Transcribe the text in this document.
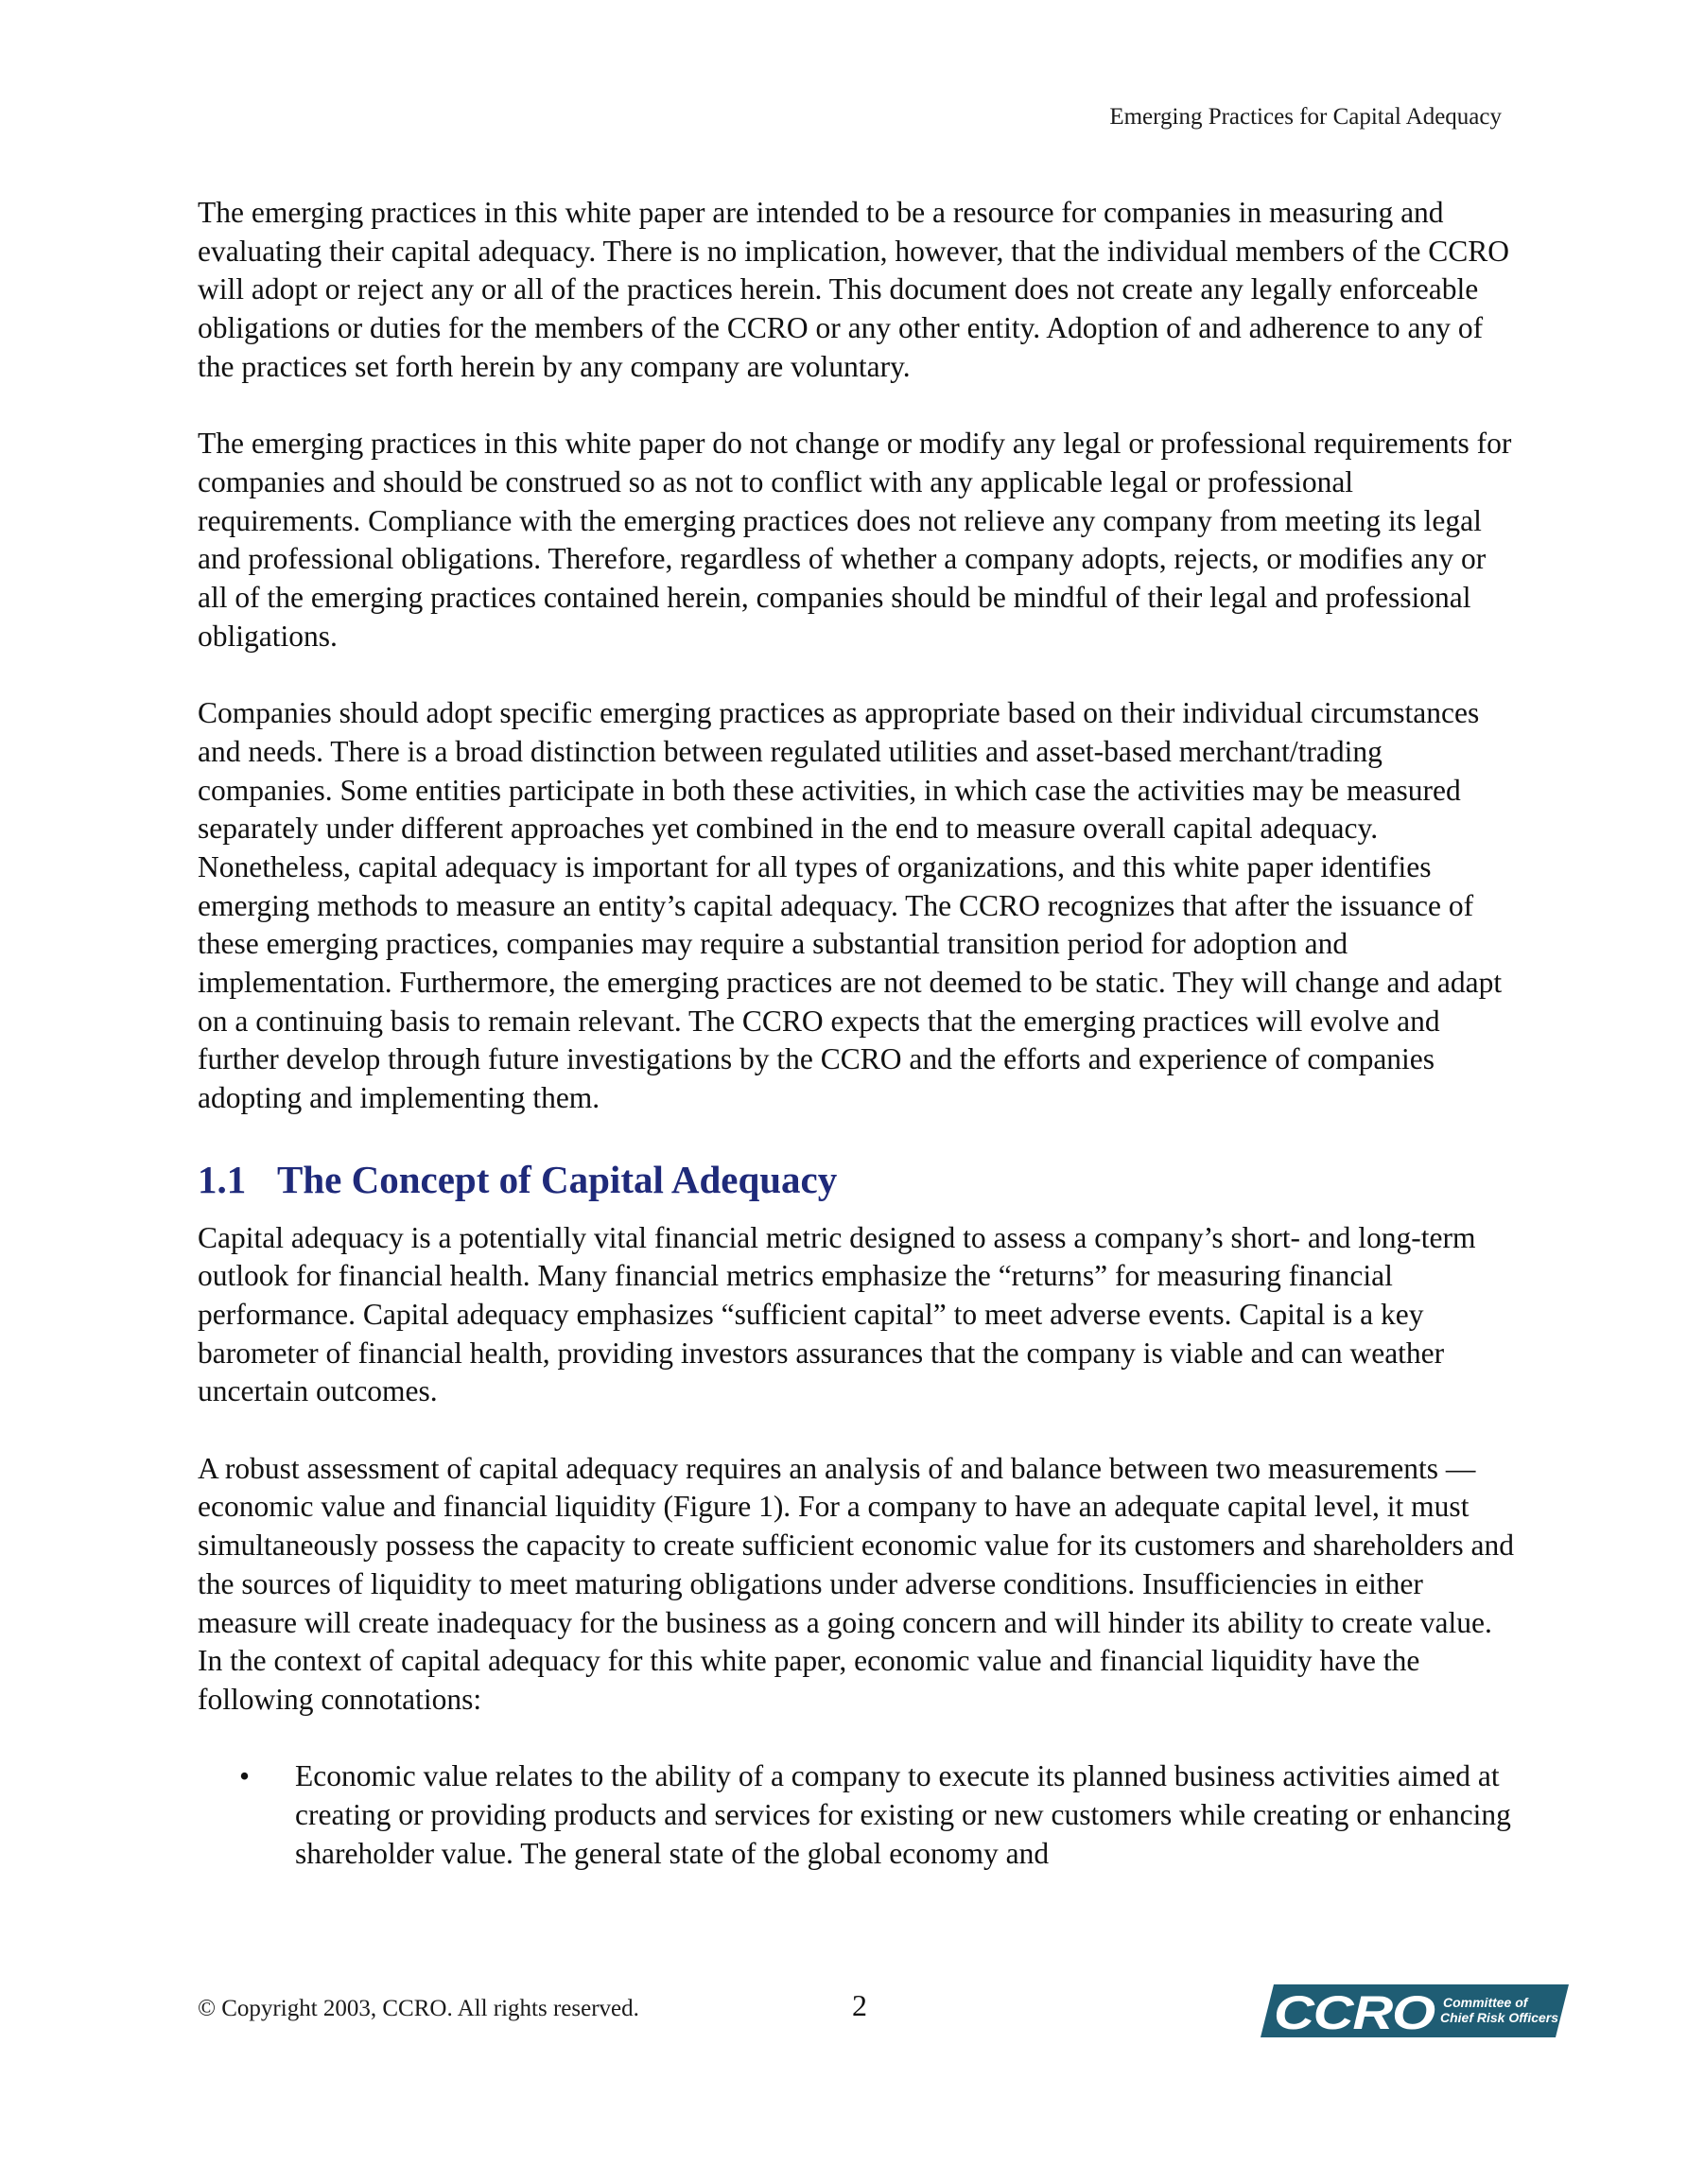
Emerging Practices for Capital Adequacy

The emerging practices in this white paper are intended to be a resource for companies in measuring and evaluating their capital adequacy. There is no implication, however, that the individual members of the CCRO will adopt or reject any or all of the practices herein. This document does not create any legally enforceable obligations or duties for the members of the CCRO or any other entity. Adoption of and adherence to any of the practices set forth herein by any company are voluntary.

The emerging practices in this white paper do not change or modify any legal or professional requirements for companies and should be construed so as not to conflict with any applicable legal or professional requirements. Compliance with the emerging practices does not relieve any company from meeting its legal and professional obligations. Therefore, regardless of whether a company adopts, rejects, or modifies any or all of the emerging practices contained herein, companies should be mindful of their legal and professional obligations.

Companies should adopt specific emerging practices as appropriate based on their individual circumstances and needs. There is a broad distinction between regulated utilities and asset-based merchant/trading companies. Some entities participate in both these activities, in which case the activities may be measured separately under different approaches yet combined in the end to measure overall capital adequacy. Nonetheless, capital adequacy is important for all types of organizations, and this white paper identifies emerging methods to measure an entity’s capital adequacy. The CCRO recognizes that after the issuance of these emerging practices, companies may require a substantial transition period for adoption and implementation. Furthermore, the emerging practices are not deemed to be static. They will change and adapt on a continuing basis to remain relevant. The CCRO expects that the emerging practices will evolve and further develop through future investigations by the CCRO and the efforts and experience of companies adopting and implementing them.

1.1 The Concept of Capital Adequacy

Capital adequacy is a potentially vital financial metric designed to assess a company’s short- and long-term outlook for financial health. Many financial metrics emphasize the “returns” for measuring financial performance. Capital adequacy emphasizes “sufficient capital” to meet adverse events. Capital is a key barometer of financial health, providing investors assurances that the company is viable and can weather uncertain outcomes.

A robust assessment of capital adequacy requires an analysis of and balance between two measurements — economic value and financial liquidity (Figure 1). For a company to have an adequate capital level, it must simultaneously possess the capacity to create sufficient economic value for its customers and shareholders and the sources of liquidity to meet maturing obligations under adverse conditions. Insufficiencies in either measure will create inadequacy for the business as a going concern and will hinder its ability to create value. In the context of capital adequacy for this white paper, economic value and financial liquidity have the following connotations:

• Economic value relates to the ability of a company to execute its planned business activities aimed at creating or providing products and services for existing or new customers while creating or enhancing shareholder value. The general state of the global economy and
© Copyright 2003, CCRO. All rights reserved.	2	CCRO Committee of
Chief Risk Officers
